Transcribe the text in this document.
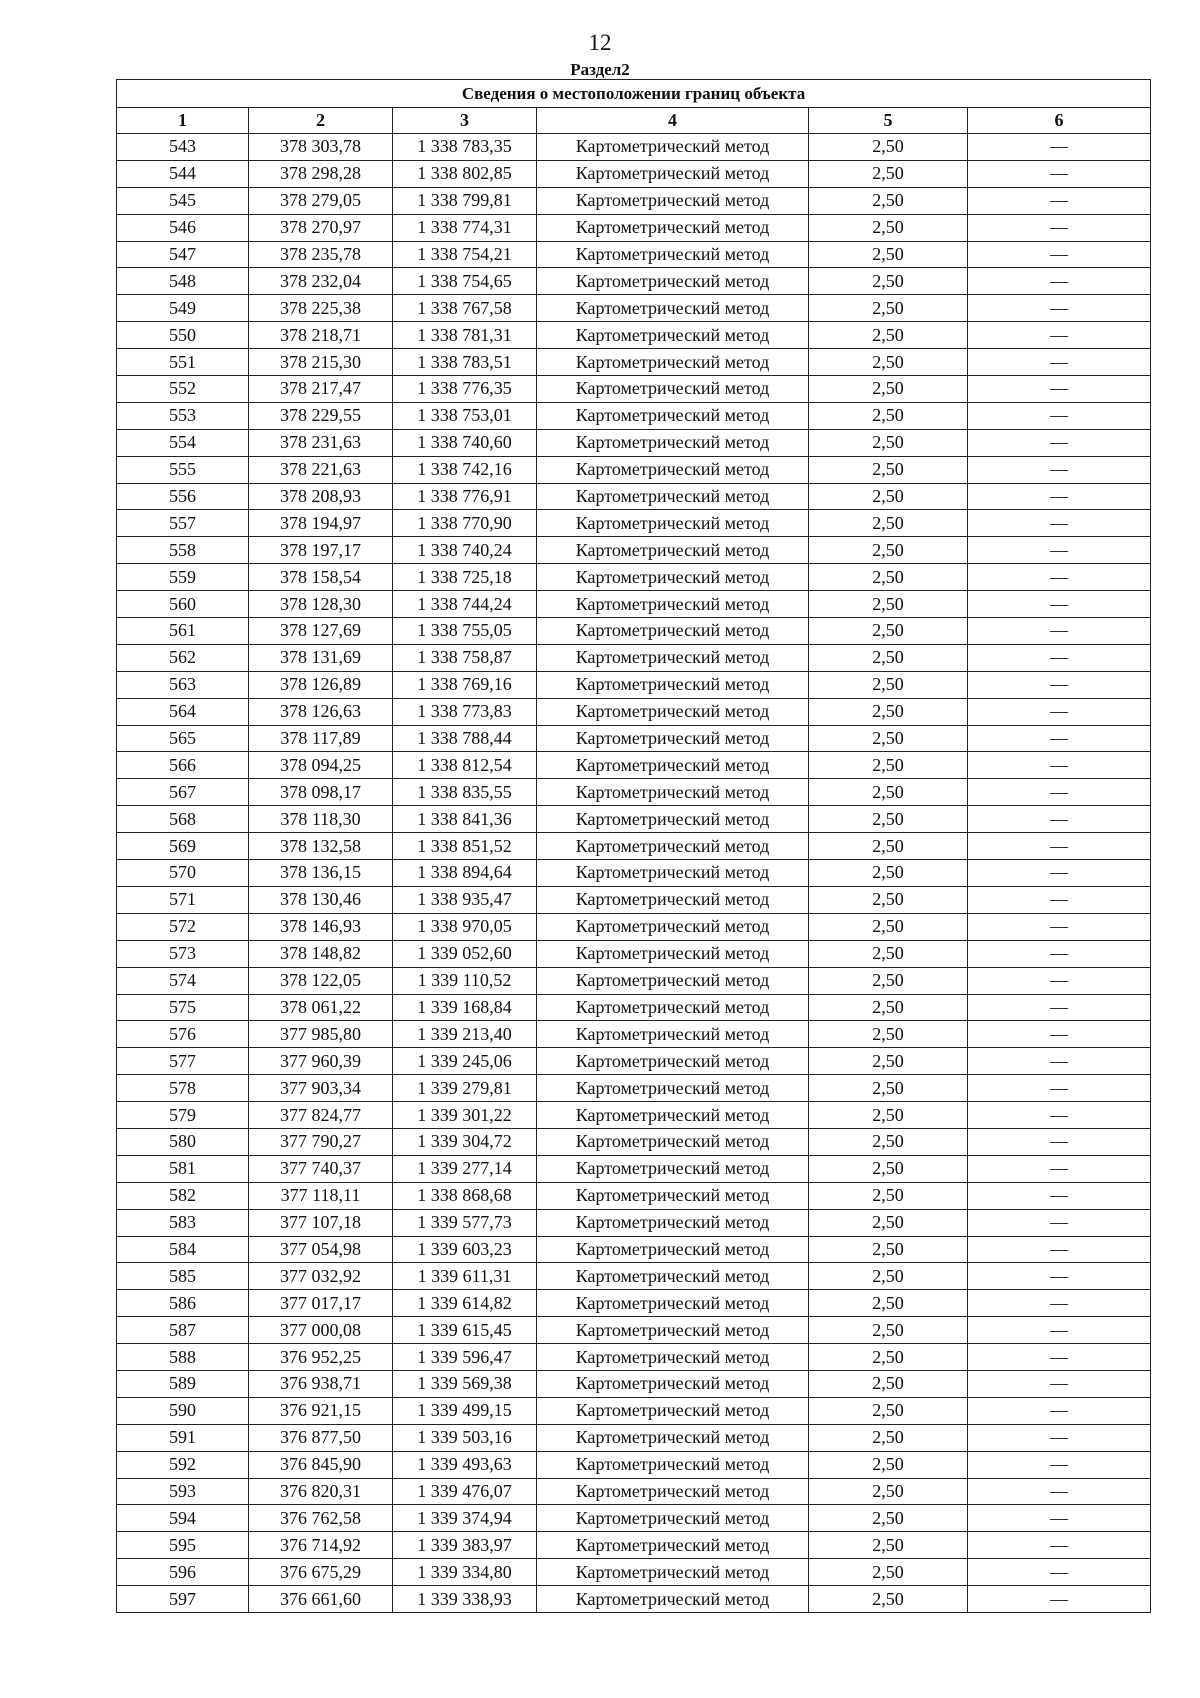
12
Раздел2
Сведения о местоположении границ объекта					
1	2	3	4	5	6
543	378 303,78	1 338 783,35	Картометрический метод	2,50	—
544	378 298,28	1 338 802,85	Картометрический метод	2,50	—
545	378 279,05	1 338 799,81	Картометрический метод	2,50	—
546	378 270,97	1 338 774,31	Картометрический метод	2,50	—
547	378 235,78	1 338 754,21	Картометрический метод	2,50	—
548	378 232,04	1 338 754,65	Картометрический метод	2,50	—
549	378 225,38	1 338 767,58	Картометрический метод	2,50	—
550	378 218,71	1 338 781,31	Картометрический метод	2,50	—
551	378 215,30	1 338 783,51	Картометрический метод	2,50	—
552	378 217,47	1 338 776,35	Картометрический метод	2,50	—
553	378 229,55	1 338 753,01	Картометрический метод	2,50	—
554	378 231,63	1 338 740,60	Картометрический метод	2,50	—
555	378 221,63	1 338 742,16	Картометрический метод	2,50	—
556	378 208,93	1 338 776,91	Картометрический метод	2,50	—
557	378 194,97	1 338 770,90	Картометрический метод	2,50	—
558	378 197,17	1 338 740,24	Картометрический метод	2,50	—
559	378 158,54	1 338 725,18	Картометрический метод	2,50	—
560	378 128,30	1 338 744,24	Картометрический метод	2,50	—
561	378 127,69	1 338 755,05	Картометрический метод	2,50	—
562	378 131,69	1 338 758,87	Картометрический метод	2,50	—
563	378 126,89	1 338 769,16	Картометрический метод	2,50	—
564	378 126,63	1 338 773,83	Картометрический метод	2,50	—
565	378 117,89	1 338 788,44	Картометрический метод	2,50	—
566	378 094,25	1 338 812,54	Картометрический метод	2,50	—
567	378 098,17	1 338 835,55	Картометрический метод	2,50	—
568	378 118,30	1 338 841,36	Картометрический метод	2,50	—
569	378 132,58	1 338 851,52	Картометрический метод	2,50	—
570	378 136,15	1 338 894,64	Картометрический метод	2,50	—
571	378 130,46	1 338 935,47	Картометрический метод	2,50	—
572	378 146,93	1 338 970,05	Картометрический метод	2,50	—
573	378 148,82	1 339 052,60	Картометрический метод	2,50	—
574	378 122,05	1 339 110,52	Картометрический метод	2,50	—
575	378 061,22	1 339 168,84	Картометрический метод	2,50	—
576	377 985,80	1 339 213,40	Картометрический метод	2,50	—
577	377 960,39	1 339 245,06	Картометрический метод	2,50	—
578	377 903,34	1 339 279,81	Картометрический метод	2,50	—
579	377 824,77	1 339 301,22	Картометрический метод	2,50	—
580	377 790,27	1 339 304,72	Картометрический метод	2,50	—
581	377 740,37	1 339 277,14	Картометрический метод	2,50	—
582	377 118,11	1 338 868,68	Картометрический метод	2,50	—
583	377 107,18	1 339 577,73	Картометрический метод	2,50	—
584	377 054,98	1 339 603,23	Картометрический метод	2,50	—
585	377 032,92	1 339 611,31	Картометрический метод	2,50	—
586	377 017,17	1 339 614,82	Картометрический метод	2,50	—
587	377 000,08	1 339 615,45	Картометрический метод	2,50	—
588	376 952,25	1 339 596,47	Картометрический метод	2,50	—
589	376 938,71	1 339 569,38	Картометрический метод	2,50	—
590	376 921,15	1 339 499,15	Картометрический метод	2,50	—
591	376 877,50	1 339 503,16	Картометрический метод	2,50	—
592	376 845,90	1 339 493,63	Картометрический метод	2,50	—
593	376 820,31	1 339 476,07	Картометрический метод	2,50	—
594	376 762,58	1 339 374,94	Картометрический метод	2,50	—
595	376 714,92	1 339 383,97	Картометрический метод	2,50	—
596	376 675,29	1 339 334,80	Картометрический метод	2,50	—
597	376 661,60	1 339 338,93	Картометрический метод	2,50	—
